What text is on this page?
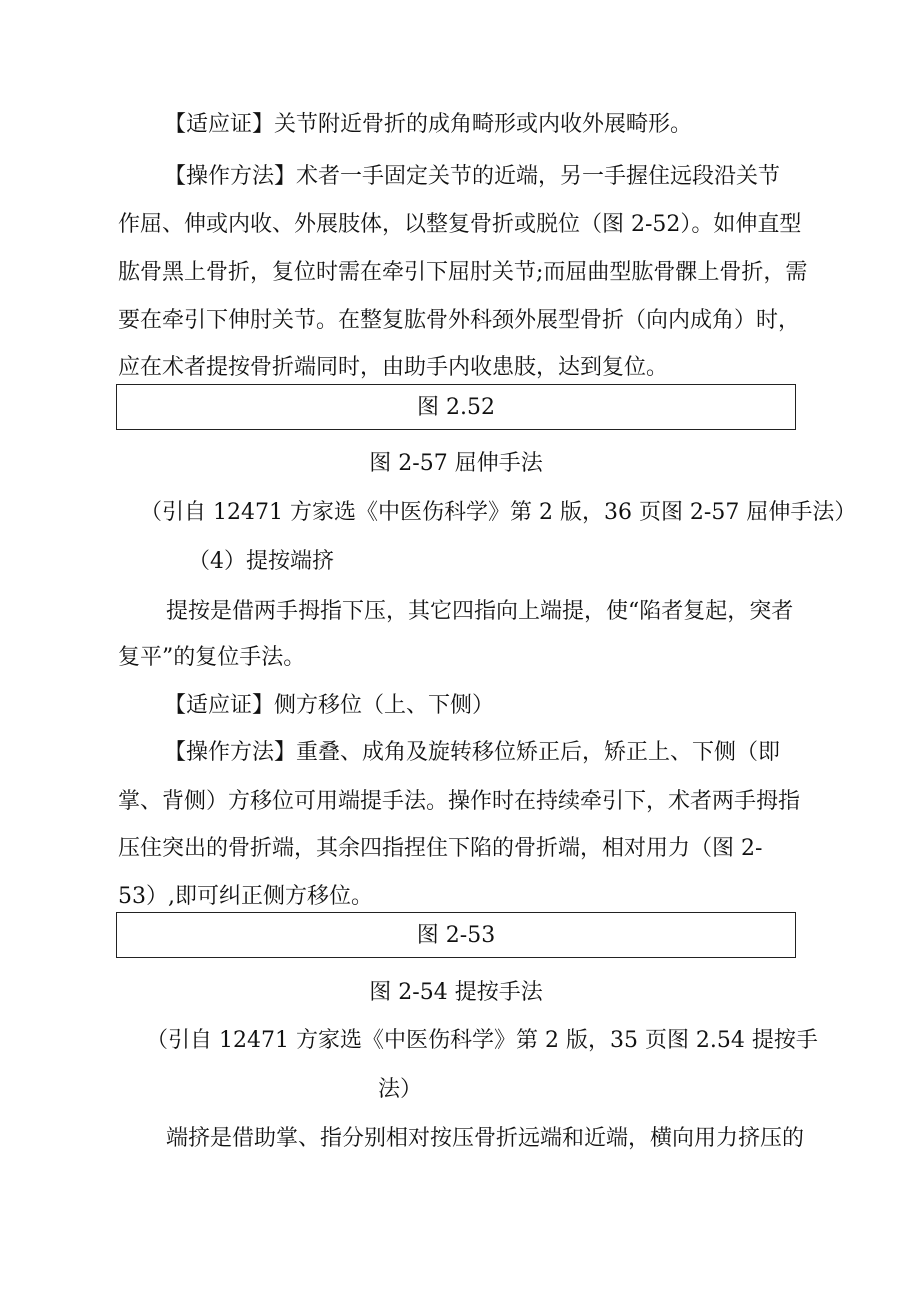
【适应证】关节附近骨折的成角畸形或内收外展畸形。
【操作方法】术者一手固定关节的近端，另一手握住远段沿关节
作屈、伸或内收、外展肢体，以整复骨折或脱位（图 2-52）。如伸直型
肱骨黑上骨折，复位时需在牵引下屈肘关节;而屈曲型肱骨髁上骨折，需
要在牵引下伸肘关节。在整复肱骨外科颈外展型骨折（向内成角）时，
应在术者提按骨折端同时，由助手内收患肢，达到复位。
图 2.52
图 2-57 屈伸手法
（引自 12471 方家选《中医伤科学》第 2 版，36 页图 2-57 屈伸手法）
（4）提按端挤
提按是借两手拇指下压，其它四指向上端提，使“陷者复起，突者
复平”的复位手法。
【适应证】侧方移位（上、下侧）
【操作方法】重叠、成角及旋转移位矫正后，矫正上、下侧（即
掌、背侧）方移位可用端提手法。操作时在持续牵引下，术者两手拇指
压住突出的骨折端，其余四指捏住下陷的骨折端，相对用力（图 2-
53）,即可纠正侧方移位。
图 2-53
图 2-54 提按手法
（引自 12471 方家选《中医伤科学》第 2 版，35 页图 2.54 提按手
法）
端挤是借助掌、指分别相对按压骨折远端和近端，横向用力挤压的
